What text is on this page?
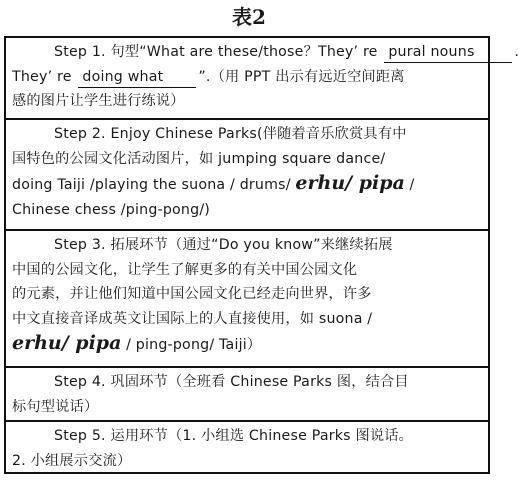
表2
Step 1. 句型“What are these/those？They’ re pural nouns	.
They’ re doing what ”.（用 PPT 出示有远近空间距离
感的图片让学生进行练说）
Step 2. Enjoy Chinese Parks(伴随着音乐欣赏具有中
国特色的公园文化活动图片，如 jumping square dance/
doing Taiji /playing the suona / drums/ erhu/ pipa /
Chinese chess /ping-pong/)
Step 3. 拓展环节（通过“Do you know”来继续拓展
中国的公园文化，让学生了解更多的有关中国公园文化
的元素，并让他们知道中国公园文化已经走向世界，许多
中文直接音译成英文让国际上的人直接使用，如 suona /
erhu/ pipa / ping-pong/ Taiji）
Step 4. 巩固环节（全班看 Chinese Parks 图，结合目
标句型说话）
Step 5. 运用环节（1. 小组选 Chinese Parks 图说话。
2. 小组展示交流）
